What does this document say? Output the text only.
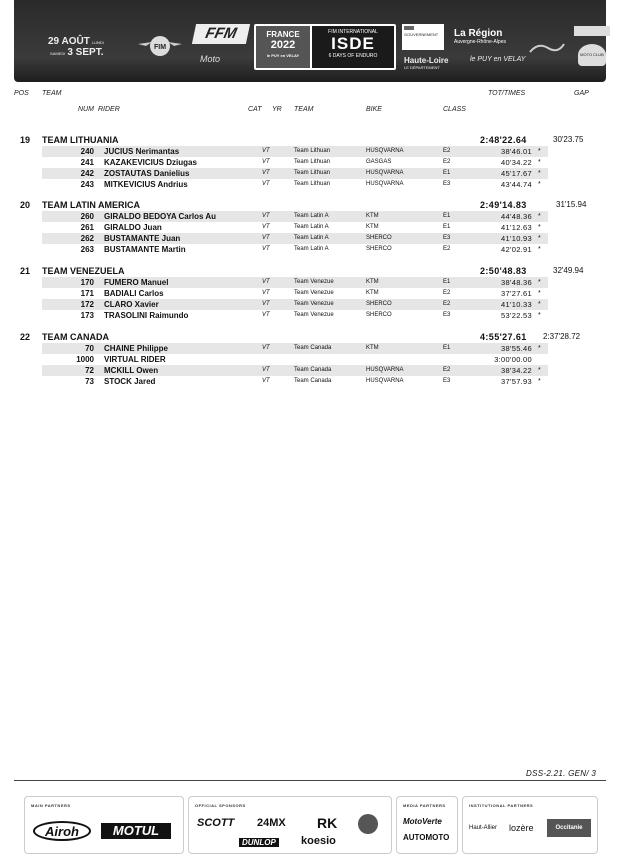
29 AOÛT LUNDI
SAMEDI 3 SEPT.	FIM
FFM
Moto
FRANCE
2022
le PUY en VELAY
FIM INTERNATIONAL
ISDE
6 DAYS OF ENDURO
GOUVERNEMENT
Haute-Loire
LE DÉPARTEMENT
La Région
Auvergne-Rhône-Alpes
le PUY en VELAY
MOTO CLUB
POS TEAM
NUM RIDER	CAT YR TEAM	BIKE	CLASS
TOT/TIMES	GAP
19 TEAM LITHUANIA	2:48'22.64	30'23.75
240 JUCIUS Nerimantas	VT	Team Lithuan	HUSQVARNA	E2	38'46.01 *
241 KAZAKEVICIUS Dziugas	VT	Team Lithuan	GASGAS	E2	40'34.22 *
242 ZOSTAUTAS Danielius	VT	Team Lithuan	HUSQVARNA	E1	45'17.67 *
243 MITKEVICIUS Andrius	VT	Team Lithuan	HUSQVARNA	E3	43'44.74 *
20 TEAM LATIN AMERICA	2:49'14.83	31'15.94
260 GIRALDO BEDOYA Carlos Au	VT	Team Latin A	KTM	E1	44'48.36 *
261 GIRALDO Juan	VT	Team Latin A	KTM	E1	41'12.63 *
262 BUSTAMANTE Juan	VT	Team Latin A	SHERCO	E3	41'10.93 *
263 BUSTAMANTE Martin	VT	Team Latin A	SHERCO	E2	42'02.91 *
21 TEAM VENEZUELA	2:50'48.83	32'49.94
170 FUMERO Manuel	VT	Team Venezue	KTM	E1	38'48.36 *
171 BADIALI Carlos	VT	Team Venezue	KTM	E2	37'27.61 *
172 CLARO Xavier	VT	Team Venezue	SHERCO	E2	41'10.33 *
173 TRASOLINI Raimundo	VT	Team Venezue	SHERCO	E3	53'22.53 *
22 TEAM CANADA	4:55'27.61 2:37'28.72
70 CHAINE Philippe	VT	Team Canada	KTM	E1	38'55.46 *
1000 VIRTUAL RIDER	3:00'00.00
72 MCKILL Owen	VT	Team Canada	HUSQVARNA	E2	38'34.22 *
73 STOCK Jared	VT	Team Canada	HUSQVARNA	E3	37'57.93 *
DSS-2.21. GEN/ 3
MAIN PARTNERS
Airoh	MOTUL
OFFICIAL SPONSORS
SCOTT 24MX RK
DUNLOP koesio
MEDIA PARTNERS
MotoVerte
AUTOMOTO
INSTITUTIONAL PARTNERS
Haut-Allier lozère	Occitanie
